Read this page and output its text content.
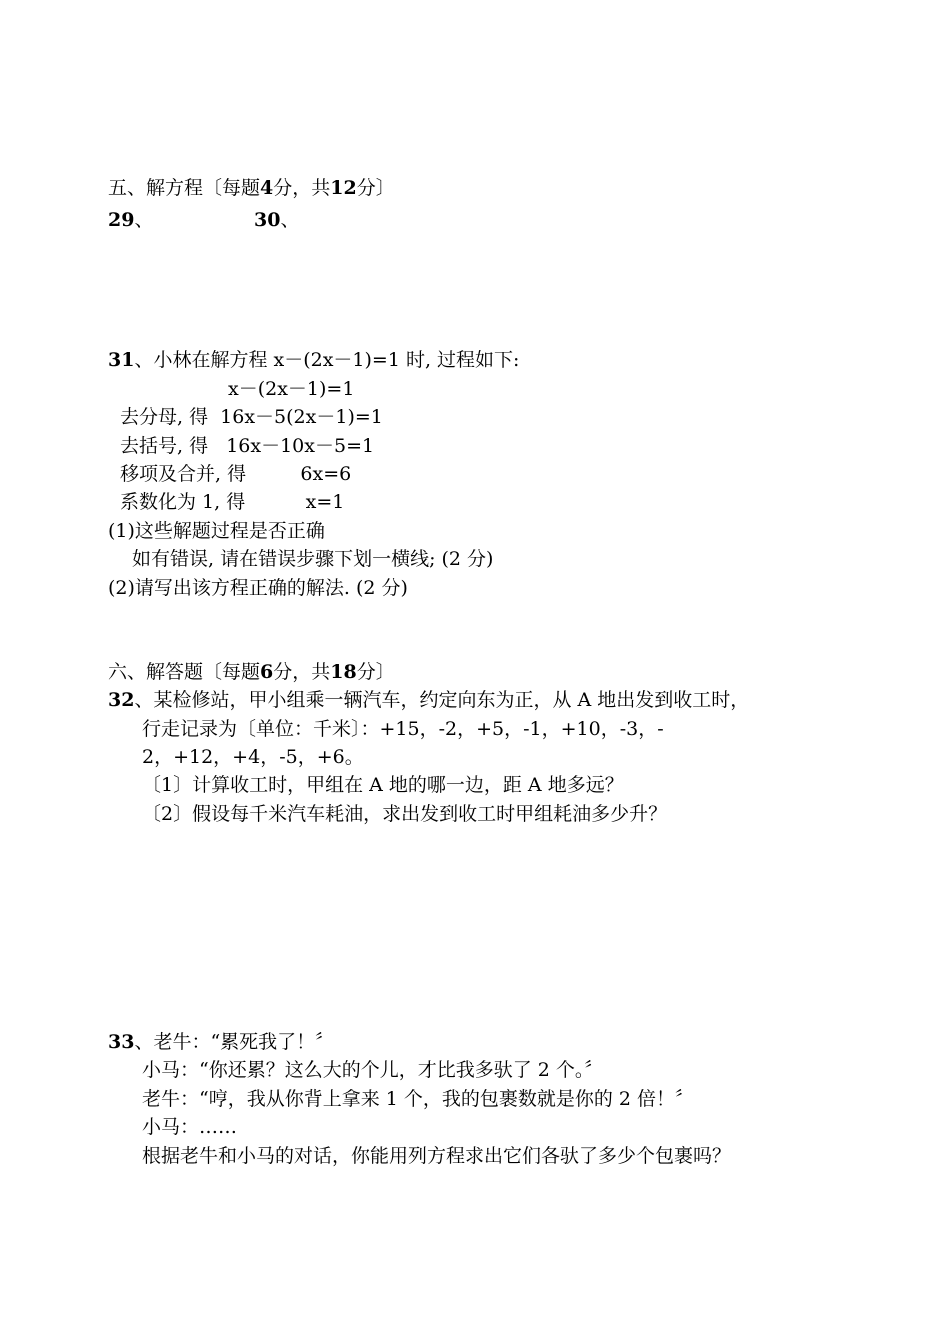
五、解方程〔每题4分，共12分〕
29、	30、
31、小林在解方程 x－(2x－1)=1 时, 过程如下:
x－(2x－1)=1
去分母, 得  16x－5(2x－1)=1
去括号, 得   16x－10x－5=1
移项及合并, 得         6x=6
系数化为 1, 得          x=1
(1)这些解题过程是否正确
如有错误, 请在错误步骤下划一横线; (2 分)
(2)请写出该方程正确的解法. (2 分)
六、解答题〔每题6分，共18分〕
32、某检修站，甲小组乘一辆汽车，约定向东为正，从 A 地出发到收工时，
行走记录为〔单位：千米〕：+15，-2，+5，-1，+10，-3，-
2，+12，+4，-5，+6。
〔1〕计算收工时，甲组在 A 地的哪一边，距 A 地多远？
〔2〕假设每千米汽车耗油，求出发到收工时甲组耗油多少升？
33、老牛：“累死我了！〞
小马：“你还累？这么大的个儿，才比我多驮了 2 个。〞
老牛：“哼，我从你背上拿来 1 个，我的包裹数就是你的 2 倍！〞
小马：……
根据老牛和小马的对话，你能用列方程求出它们各驮了多少个包裹吗？
